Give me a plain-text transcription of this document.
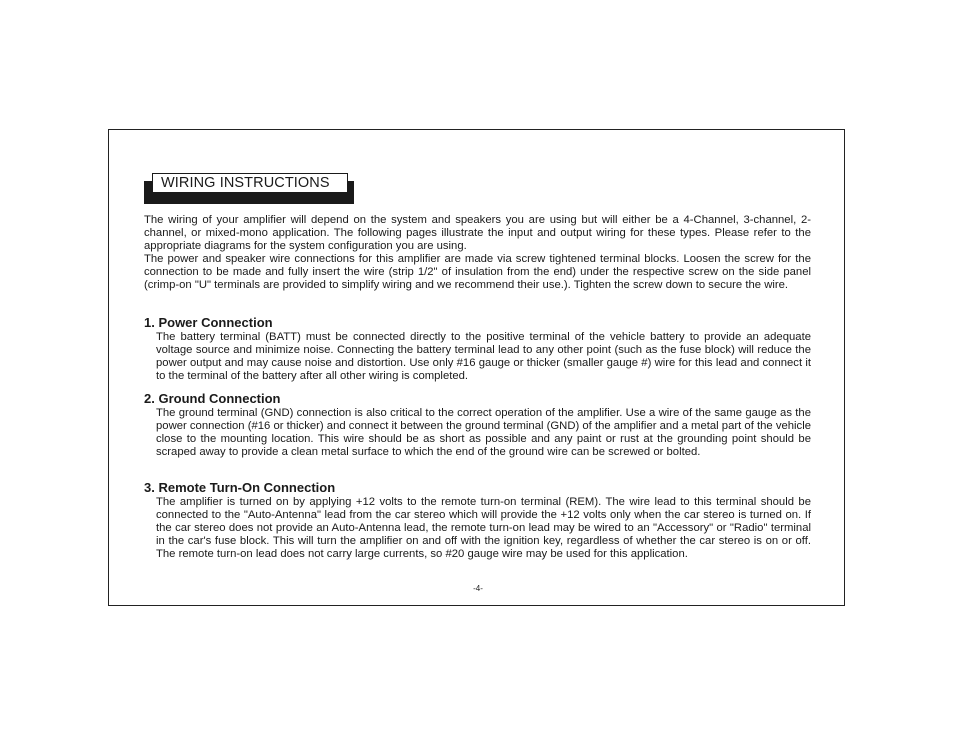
WIRING INSTRUCTIONS

The wiring of your amplifier will depend on the system and speakers you are using but will either be a 4-Channel, 3-channel, 2-channel, or mixed-mono application. The following pages illustrate the input and output wiring for these types. Please refer to the appropriate diagrams for the system configuration you are using.

The power and speaker wire connections for this amplifier are made via screw tightened terminal blocks. Loosen the screw for the connection to be made and fully insert the wire (strip 1/2" of insulation from the end) under the respective screw on the side panel (crimp-on "U" terminals are provided to simplify wiring and we recommend their use.). Tighten the screw down to secure the wire.

1. Power Connection

The battery terminal (BATT) must be connected directly to the positive terminal of the vehicle battery to provide an adequate voltage source and minimize noise. Connecting the battery terminal lead to any other point (such as the fuse block) will reduce the power output and may cause noise and distortion. Use only #16 gauge or thicker (smaller gauge #) wire for this lead and connect it to the terminal of the battery after all other wiring is completed.

2. Ground Connection

The ground terminal (GND) connection is also critical to the correct operation of the amplifier. Use a wire of the same gauge as the power connection (#16 or thicker) and connect it between the ground terminal (GND) of the amplifier and a metal part of the vehicle close to the mounting location. This wire should be as short as possible and any paint or rust at the grounding point should be scraped away to provide a clean metal surface to which the end of the ground wire can be screwed or bolted.

3. Remote Turn-On Connection

The amplifier is turned on by applying +12 volts to the remote turn-on terminal (REM). The wire lead to this terminal should be connected to the "Auto-Antenna" lead from the car stereo which will provide the +12 volts only when the car stereo is turned on. If the car stereo does not provide an Auto-Antenna lead, the remote turn-on lead may be wired to an "Accessory" or "Radio" terminal in the car's fuse block. This will turn the amplifier on and off with the ignition key, regardless of whether the car stereo is on or off. The remote turn-on lead does not carry large currents, so #20 gauge wire may be used for this application.

-4-
